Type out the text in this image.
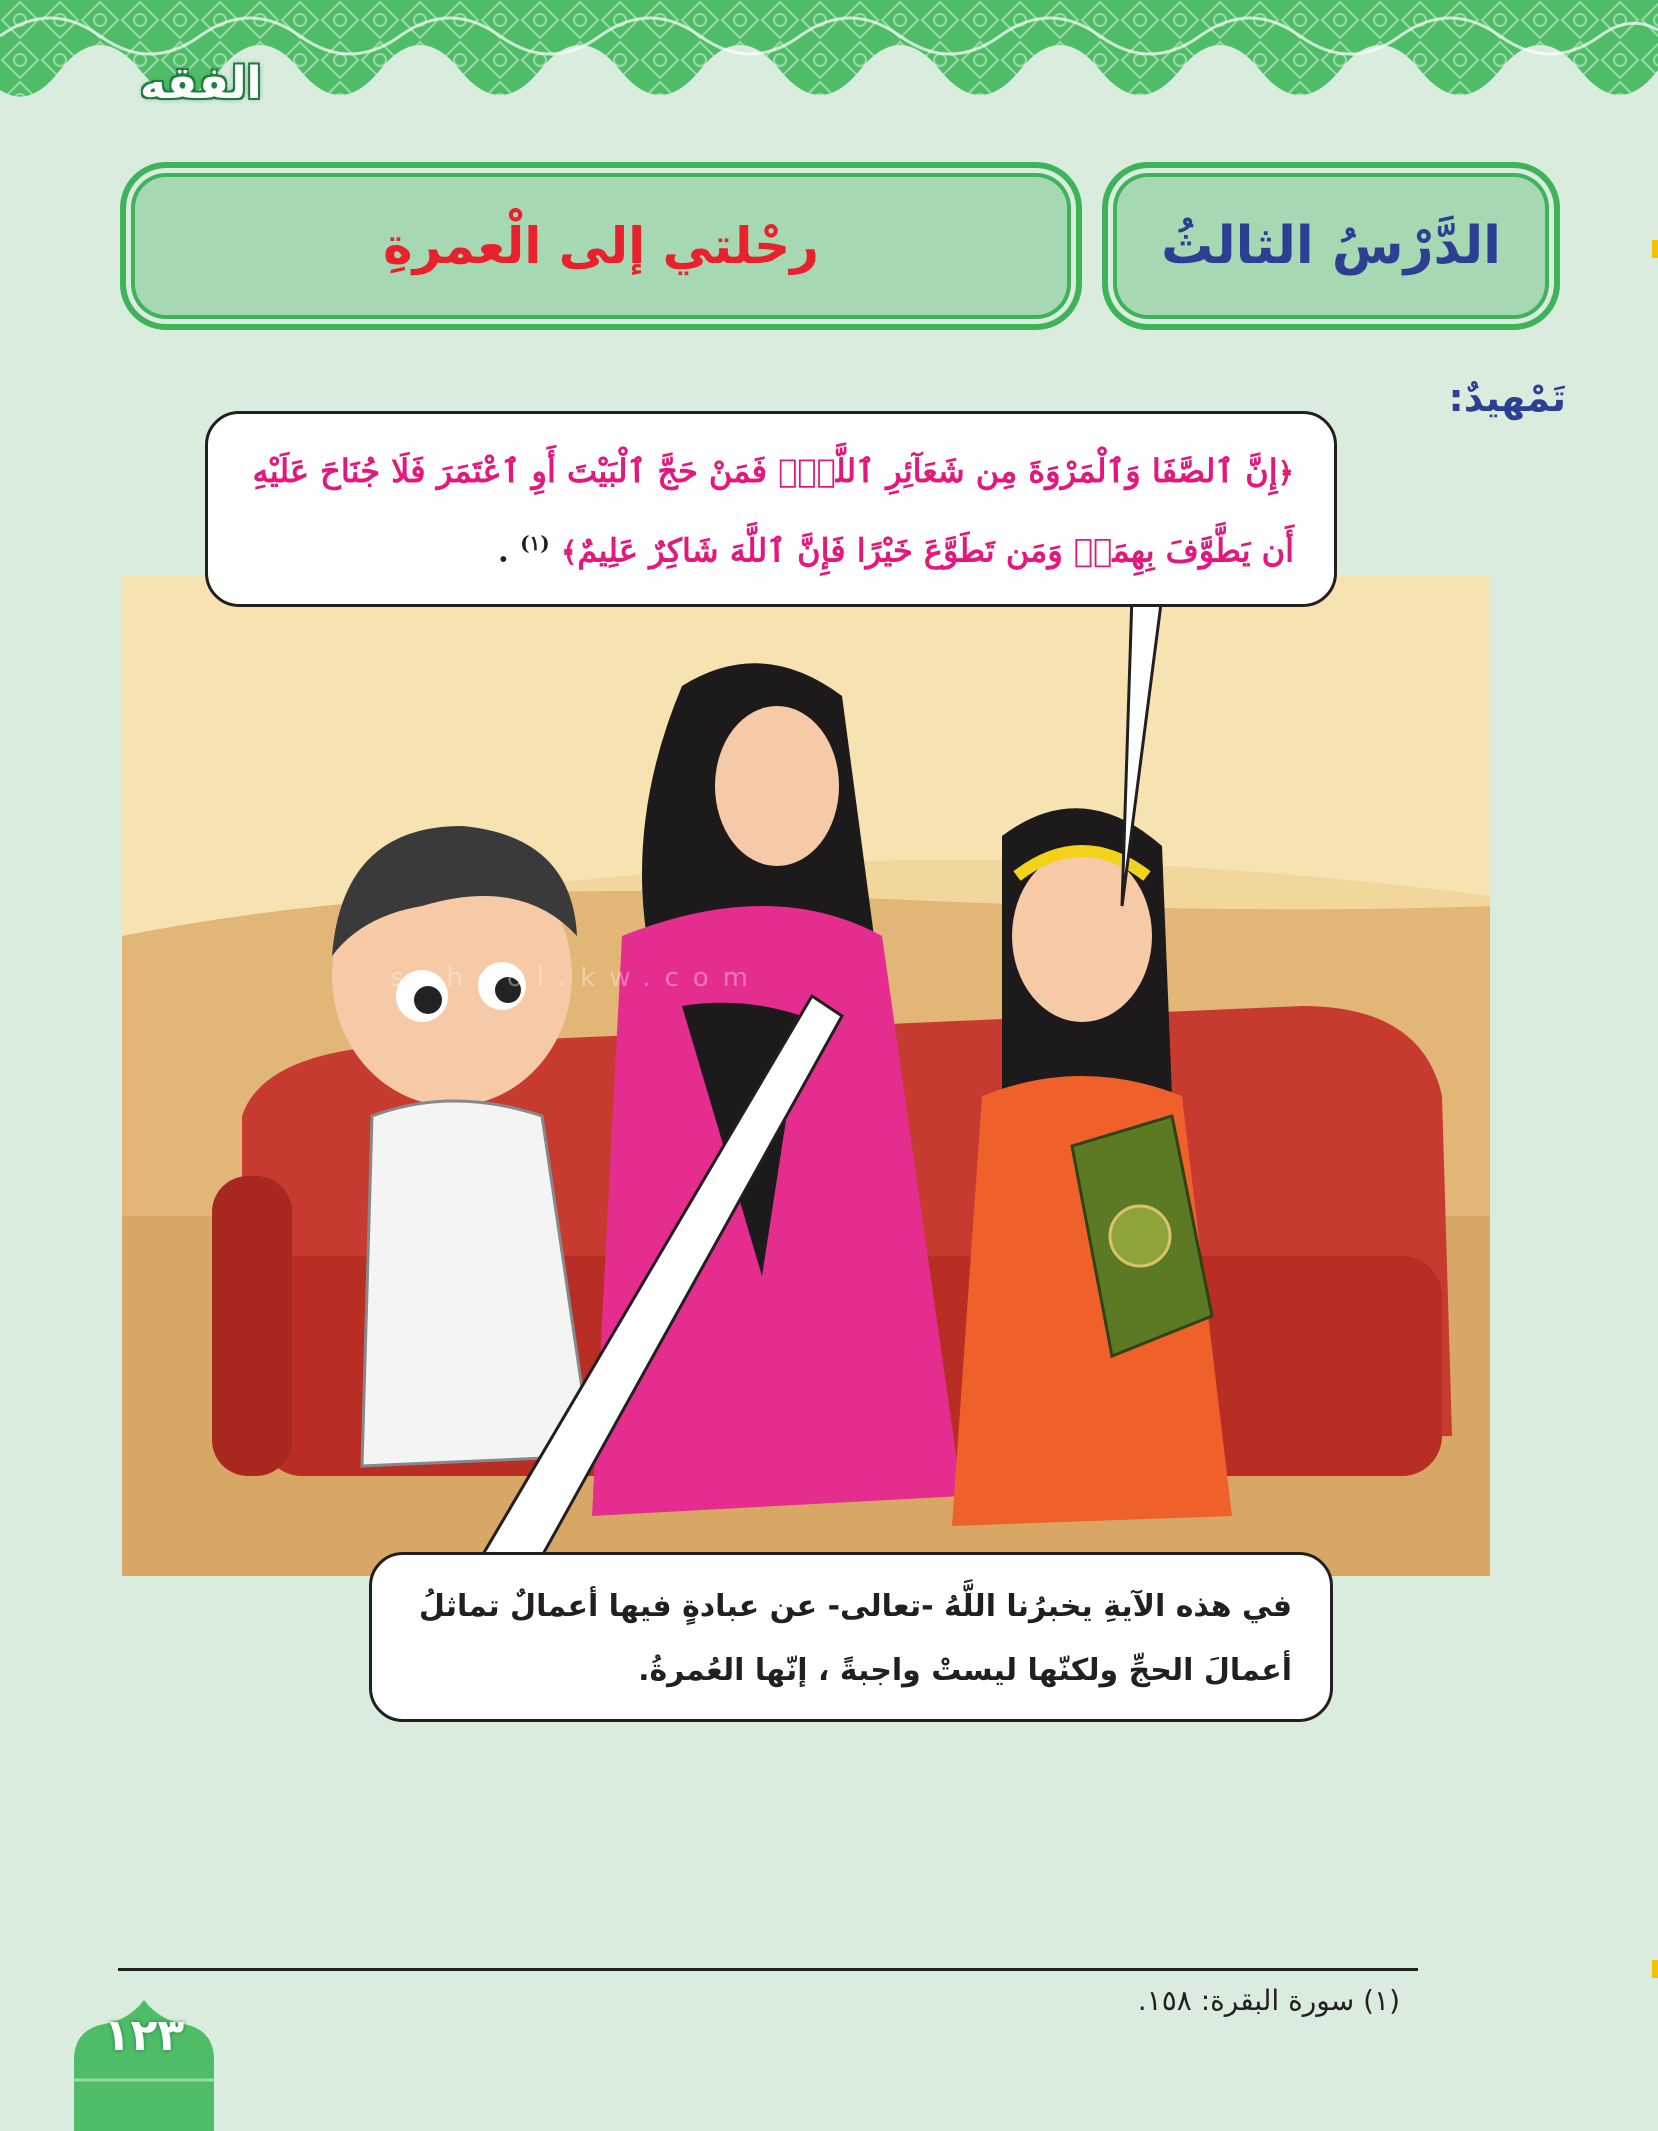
الفقه
الدَّرْسُ الثالثُ
رحْلتي إلى الْعمرةِ
تَمْهيدٌ:
school.kw.com

﴿إِنَّ ٱلصَّفَا وَٱلْمَرْوَةَ مِن شَعَآئِرِ ٱللَّهِۖ فَمَنْ حَجَّ ٱلْبَيْتَ أَوِ ٱعْتَمَرَ فَلَا جُنَاحَ عَلَيْهِ

أَن يَطَّوَّفَ بِهِمَاۚ وَمَن تَطَوَّعَ خَيْرًا فَإِنَّ ٱللَّهَ شَاكِرٌ عَلِيمٌ﴾ $^{(١)}$ .

في هذه الآيةِ يخبرُنا اللَّهُ -تعالى- عن عبادةٍ فيها أعمالٌ تماثلُ

أعمالَ الحجِّ ولكنّها ليستْ واجبةً ، إنّها العُمرةُ.

(١) سورة البقرة: ١٥٨.

١٢٣
